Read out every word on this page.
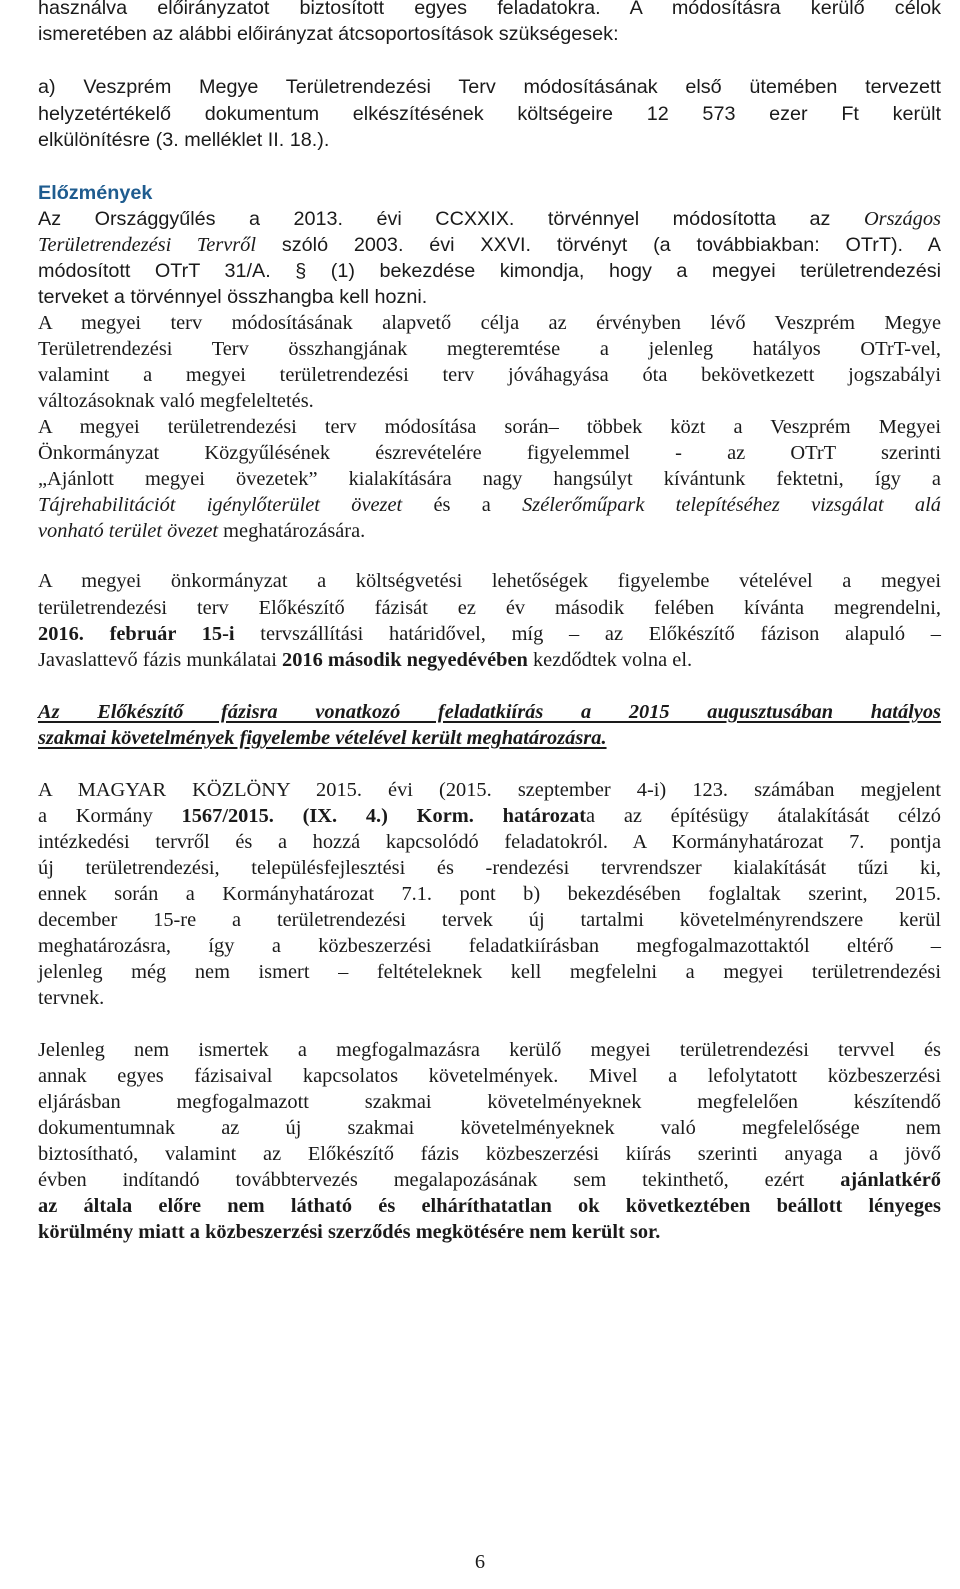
használva előirányzatot biztosított egyes feladatokra. A módosításra kerülő célok
ismeretében az alábbi előirányzat átcsoportosítások szükségesek:
a) Veszprém Megye Területrendezési Terv módosításának első ütemében tervezett
helyzetértékelő dokumentum elkészítésének költségeire 12 573 ezer Ft került
elkülönítésre (3. melléklet II. 18.).
Előzmények
Az Országgyűlés a 2013. évi CCXXIX. törvénnyel módosította az Országos
Területrendezési Tervről szóló 2003. évi XXVI. törvényt (a továbbiakban: OTrT). A
módosított OTrT 31/A. § (1) bekezdése kimondja, hogy a megyei területrendezési
terveket a törvénnyel összhangba kell hozni.
A megyei terv módosításának alapvető célja az érvényben lévő Veszprém Megye
Területrendezési Terv összhangjának megteremtése a jelenleg hatályos OTrT-vel,
valamint a megyei területrendezési terv jóváhagyása óta bekövetkezett jogszabályi
változásoknak való megfeleltetés.
A megyei területrendezési terv módosítása során– többek közt a Veszprém Megyei
Önkormányzat Közgyűlésének észrevételére figyelemmel - az OTrT szerinti
„Ajánlott megyei övezetek” kialakítására nagy hangsúlyt kívántunk fektetni, így a
Tájrehabilitációt igénylőterület övezet és a Szélerőműpark telepítéséhez vizsgálat alá
vonható terület övezet meghatározására.
A megyei önkormányzat a költségvetési lehetőségek figyelembe vételével a megyei
területrendezési terv Előkészítő fázisát ez év második felében kívánta megrendelni,
2016. február 15-i tervszállítási határidővel, míg – az Előkészítő fázison alapuló –
Javaslattevő fázis munkálatai 2016 második negyedévében kezdődtek volna el.
Az Előkészítő fázisra vonatkozó feladatkiírás a 2015 augusztusában hatályos
szakmai követelmények figyelembe vételével került meghatározásra.
A MAGYAR KÖZLÖNY 2015. évi (2015. szeptember 4-i) 123. számában megjelent
a Kormány 1567/2015. (IX. 4.) Korm. határozata az építésügy átalakítását célzó
intézkedési tervről és a hozzá kapcsolódó feladatokról. A Kormányhatározat 7. pontja
új területrendezési, településfejlesztési és -rendezési tervrendszer kialakítását tűzi ki,
ennek során a Kormányhatározat 7.1. pont b) bekezdésében foglaltak szerint, 2015.
december 15-re a területrendezési tervek új tartalmi követelményrendszere kerül
meghatározásra, így a közbeszerzési feladatkiírásban megfogalmazottaktól eltérő –
jelenleg még nem ismert – feltételeknek kell megfelelni a megyei területrendezési
tervnek.
Jelenleg nem ismertek a megfogalmazásra kerülő megyei területrendezési tervvel és
annak egyes fázisaival kapcsolatos követelmények. Mivel a lefolytatott közbeszerzési
eljárásban megfogalmazott szakmai követelményeknek megfelelően készítendő
dokumentumnak az új szakmai követelményeknek való megfelelősége nem
biztosítható, valamint az Előkészítő fázis közbeszerzési kiírás szerinti anyaga a jövő
évben indítandó továbbtervezés megalapozásának sem tekinthető, ezért ajánlatkérő
az általa előre nem látható és elháríthatatlan ok következtében beállott lényeges
körülmény miatt a közbeszerzési szerződés megkötésére nem került sor.
6
